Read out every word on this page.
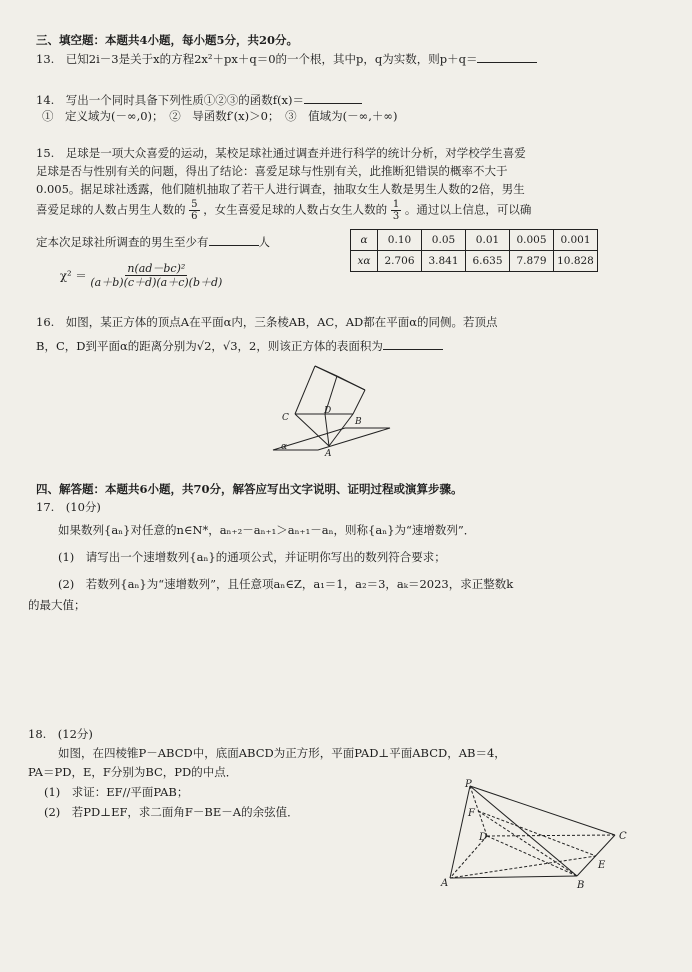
三、填空题：本题共4小题，每小题5分，共20分。
13.　已知2i－3是关于x的方程2x²＋px＋q＝0的一个根，其中p，q为实数，则p＋q＝
14.　写出一个同时具备下列性质①②③的函数f(x)＝
①　定义域为(－∞,0)；　②　导函数f′(x)＞0；　③　值域为(－∞,＋∞)
15.　足球是一项大众喜爱的运动，某校足球社通过调查并进行科学的统计分析，对学校学生喜爱
足球是否与性别有关的问题，得出了结论：喜爱足球与性别有关，此推断犯错误的概率不大于
0.005。据足球社透露，他们随机抽取了若干人进行调查，抽取女生人数是男生人数的2倍，男生
喜爱足球的人数占男生人数的 $\frac{5}{6}$ ，女生喜爱足球的人数占女生人数的 $\frac{1}{3}$ 。通过以上信息，可以确
定本次足球社所调查的男生至少有	人
$\chi^2 = \frac{\text{n(ad－bc)²}}{(a+b)(c+d)(a+c)(b+d)}$
α	0.10	0.05	0.01	0.005	0.001
xα	2.706	3.841	6.635	7.879	10.828
16.　如图，某正方体的顶点A在平面α内，三条棱AB，AC，AD都在平面α的同侧。若顶点
B，C，D到平面α的距离分别为√2，√3，2，则该正方体的表面积为
C
D
B
A
α
四、解答题：本题共6小题，共70分，解答应写出文字说明、证明过程或演算步骤。
17.　(10分)
如果数列{aₙ}对任意的n∈N*，aₙ₊₂－aₙ₊₁＞aₙ₊₁－aₙ，则称{aₙ}为“速增数列”．
(1)　请写出一个速增数列{aₙ}的通项公式，并证明你写出的数列符合要求；
(2)　若数列{aₙ}为“速增数列”，且任意项aₙ∈Z，a₁＝1，a₂＝3，aₖ＝2023，求正整数k
的最大值；
18.　(12分)
如图，在四棱锥P－ABCD中，底面ABCD为正方形，平面PAD⊥平面ABCD，AB＝4，
PA＝PD，E，F分别为BC，PD的中点．
(1)　求证：EF//平面PAB；
(2)　若PD⊥EF，求二面角F－BE－A的余弦值．
P
F
D	C
E
A	B
